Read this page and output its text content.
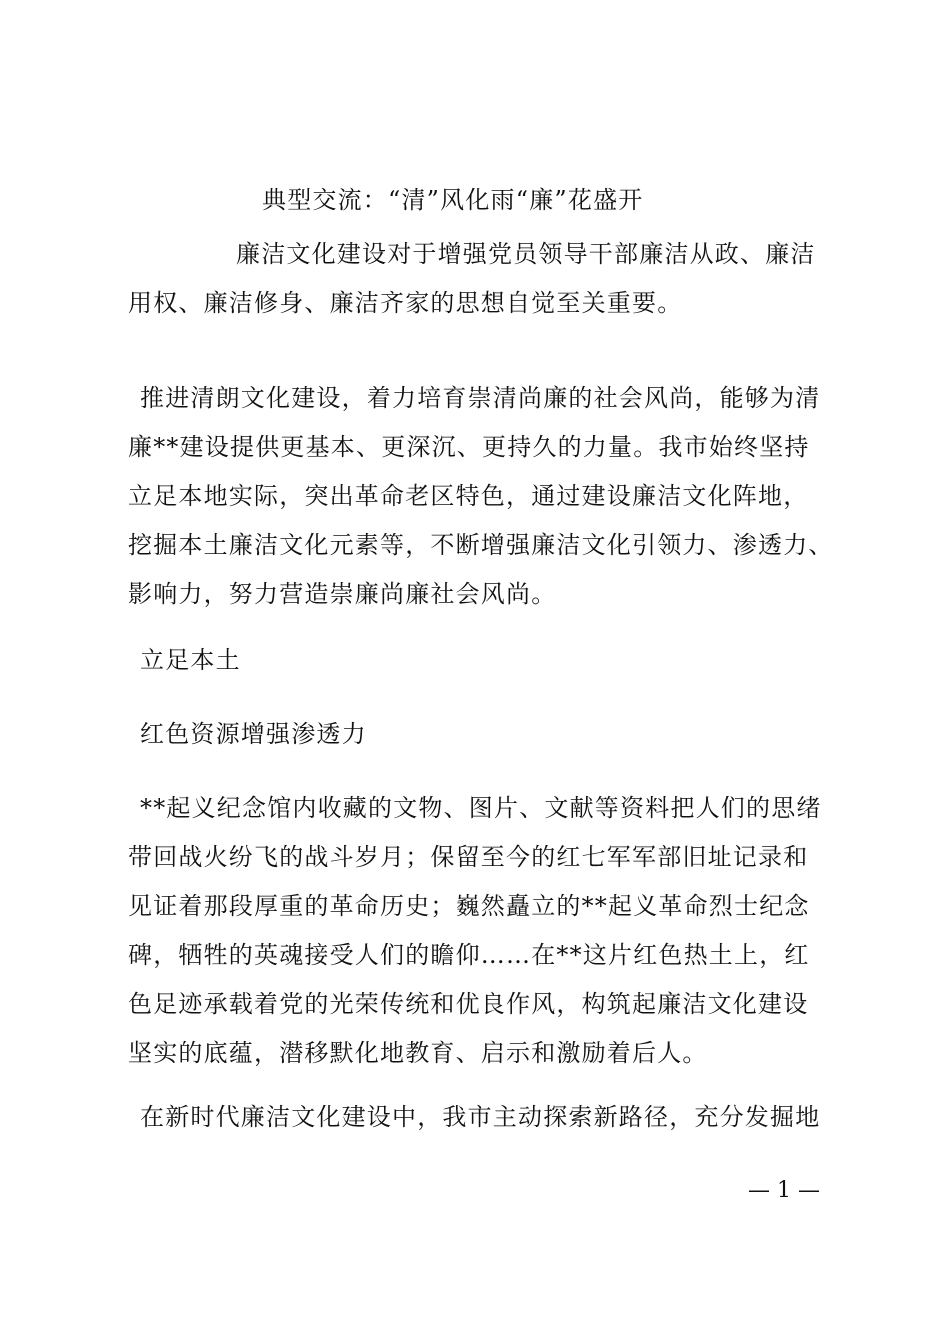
典型交流：“清”风化雨“廉”花盛开
廉洁文化建设对于增强党员领导干部廉洁从政、廉洁
用权、廉洁修身、廉洁齐家的思想自觉至关重要。
推进清朗文化建设，着力培育崇清尚廉的社会风尚，能够为清
廉**建设提供更基本、更深沉、更持久的力量。我市始终坚持
立足本地实际，突出革命老区特色，通过建设廉洁文化阵地，
挖掘本土廉洁文化元素等，不断增强廉洁文化引领力、渗透力、
影响力，努力营造崇廉尚廉社会风尚。
立足本土
红色资源增强渗透力
**起义纪念馆内收藏的文物、图片、文献等资料把人们的思绪
带回战火纷飞的战斗岁月；保留至今的红七军军部旧址记录和
见证着那段厚重的革命历史；巍然矗立的**起义革命烈士纪念
碑，牺牲的英魂接受人们的瞻仰……在**这片红色热土上，红
色足迹承载着党的光荣传统和优良作风，构筑起廉洁文化建设
坚实的底蕴，潜移默化地教育、启示和激励着后人。
在新时代廉洁文化建设中，我市主动探索新路径，充分发掘地
— 1 —
